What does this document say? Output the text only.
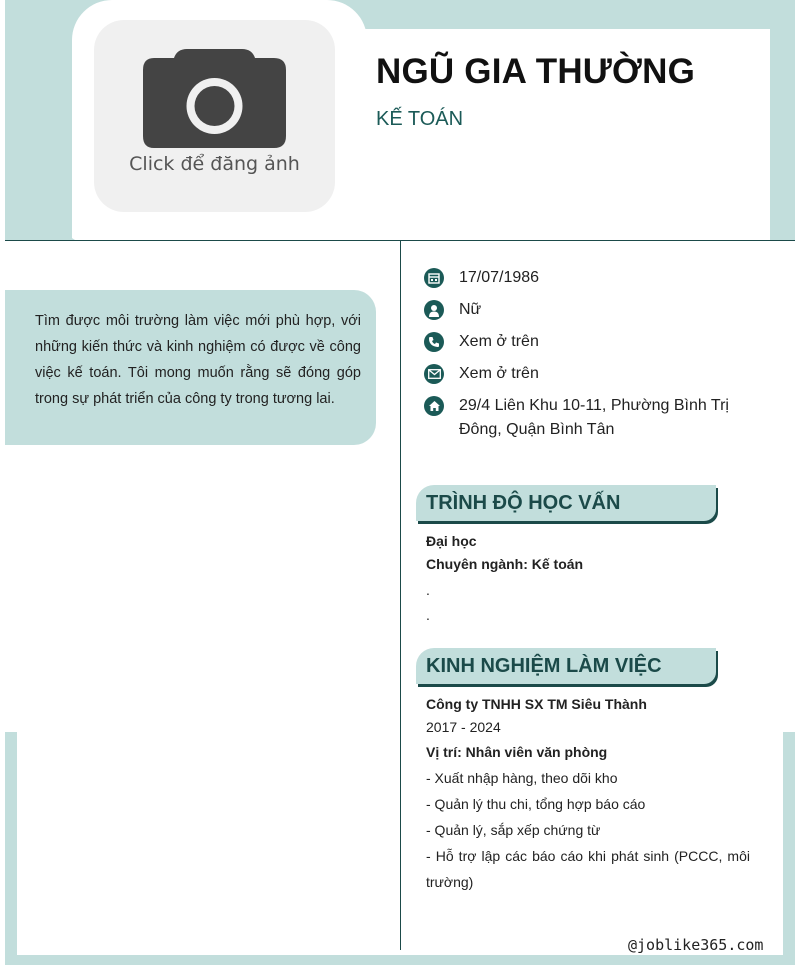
Click để đăng ảnh
NGŨ GIA THƯỜNG
KẾ TOÁN

Tìm được môi trường làm việc mới phù hợp, với những kiến thức và kinh nghiệm có được về công việc kế toán. Tôi mong muốn rằng sẽ đóng góp trong sự phát triển của công ty trong tương lai.

17/07/1986
Nữ
Xem ở trên
Xem ở trên
29/4 Liên Khu 10-11, Phường Bình Trị Đông, Quận Bình Tân
TRÌNH ĐỘ HỌC VẤN
Đại học
Chuyên ngành: Kế toán
.
.
KINH NGHIỆM LÀM VIỆC
Công ty TNHH SX TM Siêu Thành
2017 - 2024
Vị trí: Nhân viên văn phòng
- Xuất nhập hàng, theo dõi kho
- Quản lý thu chi, tổng hợp báo cáo
- Quản lý, sắp xếp chứng từ
- Hỗ trợ lập các báo cáo khi phát sinh (PCCC, môi trường)
@joblike365.com
